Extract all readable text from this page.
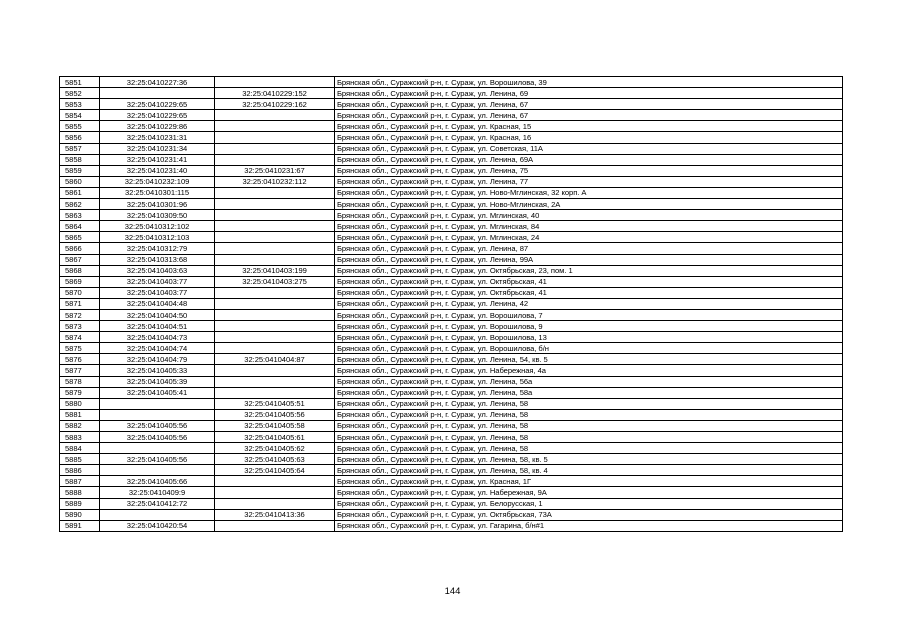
5851	32:25:0410227:36		Брянская обл., Суражский р-н, г. Сураж, ул. Ворошилова, 39
5852		32:25:0410229:152	Брянская обл., Суражский р-н, г. Сураж, ул. Ленина, 69
5853	32:25:0410229:65	32:25:0410229:162	Брянская обл., Суражский р-н, г. Сураж, ул. Ленина, 67
5854	32:25:0410229:65		Брянская обл., Суражский р-н, г. Сураж, ул. Ленина, 67
5855	32:25:0410229:86		Брянская обл., Суражский р-н, г. Сураж, ул. Красная, 15
5856	32:25:0410231:31		Брянская обл., Суражский р-н, г. Сураж, ул. Красная, 16
5857	32:25:0410231:34		Брянская обл., Суражский р-н, г. Сураж, ул. Советская, 11А
5858	32:25:0410231:41		Брянская обл., Суражский р-н, г. Сураж, ул. Ленина, 69А
5859	32:25:0410231:40	32:25:0410231:67	Брянская обл., Суражский р-н, г. Сураж, ул. Ленина, 75
5860	32:25:0410232:109	32:25:0410232:112	Брянская обл., Суражский р-н, г. Сураж, ул. Ленина, 77
5861	32:25:0410301:115		Брянская обл., Суражский р-н, г. Сураж, ул. Ново-Мглинская, 32 корп. А
5862	32:25:0410301:96		Брянская обл., Суражский р-н, г. Сураж, ул. Ново-Мглинская, 2А
5863	32:25:0410309:50		Брянская обл., Суражский р-н, г. Сураж, ул. Мглинская, 40
5864	32:25:0410312:102		Брянская обл., Суражский р-н, г. Сураж, ул. Мглинская, 84
5865	32:25:0410312:103		Брянская обл., Суражский р-н, г. Сураж, ул. Мглинская, 24
5866	32:25:0410312:79		Брянская обл., Суражский р-н, г. Сураж, ул. Ленина, 87
5867	32:25:0410313:68		Брянская обл., Суражский р-н, г. Сураж, ул. Ленина, 99А
5868	32:25:0410403:63	32:25:0410403:199	Брянская обл., Суражский р-н, г. Сураж, ул. Октябрьская, 23, пом. 1
5869	32:25:0410403:77	32:25:0410403:275	Брянская обл., Суражский р-н, г. Сураж, ул. Октябрьская, 41
5870	32:25:0410403:77		Брянская обл., Суражский р-н, г. Сураж, ул. Октябрьская, 41
5871	32:25:0410404:48		Брянская обл., Суражский р-н, г. Сураж, ул. Ленина, 42
5872	32:25:0410404:50		Брянская обл., Суражский р-н, г. Сураж, ул. Ворошилова, 7
5873	32:25:0410404:51		Брянская обл., Суражский р-н, г. Сураж, ул. Ворошилова, 9
5874	32:25:0410404:73		Брянская обл., Суражский р-н, г. Сураж, ул. Ворошилова, 13
5875	32:25:0410404:74		Брянская обл., Суражский р-н, г. Сураж, ул. Ворошилова, б/н
5876	32:25:0410404:79	32:25:0410404:87	Брянская обл., Суражский р-н, г. Сураж, ул. Ленина, 54, кв. 5
5877	32:25:0410405:33		Брянская обл., Суражский р-н, г. Сураж, ул. Набережная, 4а
5878	32:25:0410405:39		Брянская обл., Суражский р-н, г. Сураж, ул. Ленина, 56а
5879	32:25:0410405:41		Брянская обл., Суражский р-н, г. Сураж, ул. Ленина, 58а
5880		32:25:0410405:51	Брянская обл., Суражский р-н, г. Сураж, ул. Ленина, 58
5881		32:25:0410405:56	Брянская обл., Суражский р-н, г. Сураж, ул. Ленина, 58
5882	32:25:0410405:56	32:25:0410405:58	Брянская обл., Суражский р-н, г. Сураж, ул. Ленина, 58
5883	32:25:0410405:56	32:25:0410405:61	Брянская обл., Суражский р-н, г. Сураж, ул. Ленина, 58
5884		32:25:0410405:62	Брянская обл., Суражский р-н, г. Сураж, ул. Ленина, 58
5885	32:25:0410405:56	32:25:0410405:63	Брянская обл., Суражский р-н, г. Сураж, ул. Ленина, 58, кв. 5
5886		32:25:0410405:64	Брянская обл., Суражский р-н, г. Сураж, ул. Ленина, 58, кв. 4
5887	32:25:0410405:66		Брянская обл., Суражский р-н, г. Сураж, ул. Красная, 1Г
5888	32:25:0410409:9		Брянская обл., Суражский р-н, г. Сураж, ул. Набережная, 9А
5889	32:25:0410412:72		Брянская обл., Суражский р-н, г. Сураж, ул. Белорусская, 1
5890		32:25:0410413:36	Брянская обл., Суражский р-н, г. Сураж, ул. Октябрьская, 73А
5891	32:25:0410420:54		Брянская обл., Суражский р-н, г. Сураж, ул. Гагарина, б/н#1
144
